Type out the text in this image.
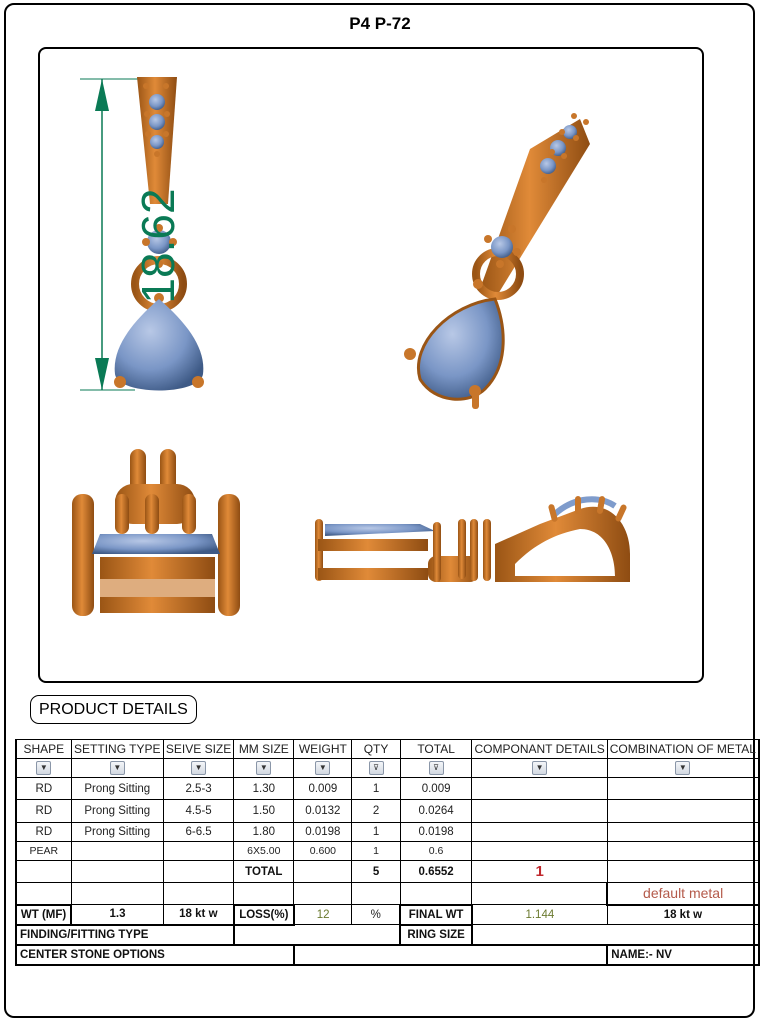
P4 P-72
18.62
PRODUCT DETAILS
SHAPE	SETTING TYPE	SEIVE SIZE	MM SIZE	WEIGHT	QTY	TOTAL	COMPONANT DETAILS	COMBINATION OF METAL
▼	▼	▼	▼	▼	⊽	⊽	▼	▼
RD	Prong Sitting	2.5-3	1.30	0.009	1	0.009		
RD	Prong Sitting	4.5-5	1.50	0.0132	2	0.0264		
RD	Prong Sitting	6-6.5	1.80	0.0198	1	0.0198		
PEAR			6X5.00	0.600	1	0.6		
			TOTAL		5	0.6552	1	
								default metal
WT (MF)	1.3	18 kt w	LOSS(%)	12	%	FINAL WT	1.144	18 kt w
FINDING/FITTING TYPE						RING SIZE		
CENTER STONE OPTIONS								NAME:- NV
